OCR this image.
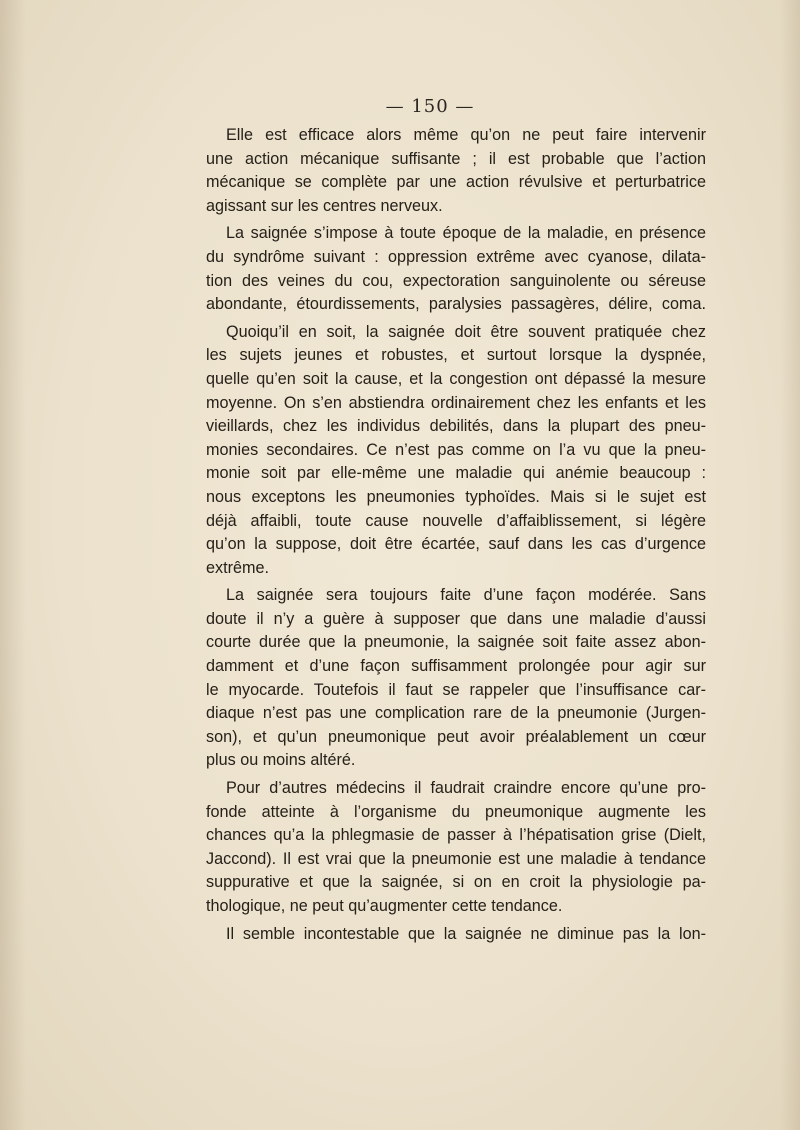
— 150 —
Elle est efficace alors même qu’on ne peut faire intervenir
une action mécanique suffisante ; il est probable que l’action
mécanique se complète par une action révulsive et perturbatrice
agissant sur les centres nerveux.
La saignée s’impose à toute époque de la maladie, en présence
du syndrôme suivant : oppression extrême avec cyanose, dilata-
tion des veines du cou, expectoration sanguinolente ou séreuse
abondante, étourdissements, paralysies passagères, délire, coma.
Quoiqu’il en soit, la saignée doit être souvent pratiquée chez
les sujets jeunes et robustes, et surtout lorsque la dyspnée,
quelle qu’en soit la cause, et la congestion ont dépassé la mesure
moyenne. On s’en abstiendra ordinairement chez les enfants et les
vieillards, chez les individus debilités, dans la plupart des pneu-
monies secondaires. Ce n’est pas comme on l’a vu que la pneu-
monie soit par elle-même une maladie qui anémie beaucoup :
nous exceptons les pneumonies typhoïdes. Mais si le sujet est
déjà affaibli, toute cause nouvelle d’affaiblissement, si légère
qu’on la suppose, doit être écartée, sauf dans les cas d’urgence
extrême.
La saignée sera toujours faite d’une façon modérée. Sans
doute il n’y a guère à supposer que dans une maladie d’aussi
courte durée que la pneumonie, la saignée soit faite assez abon-
damment et d’une façon suffisamment prolongée pour agir sur
le myocarde. Toutefois il faut se rappeler que l’insuffisance car-
diaque n’est pas une complication rare de la pneumonie (Jurgen-
son), et qu’un pneumonique peut avoir préalablement un cœur
plus ou moins altéré.
Pour d’autres médecins il faudrait craindre encore qu’une pro-
fonde atteinte à l’organisme du pneumonique augmente les
chances qu’a la phlegmasie de passer à l’hépatisation grise (Dielt,
Jaccond). Il est vrai que la pneumonie est une maladie à tendance
suppurative et que la saignée, si on en croit la physiologie pa-
thologique, ne peut qu’augmenter cette tendance.
Il semble incontestable que la saignée ne diminue pas la lon-
